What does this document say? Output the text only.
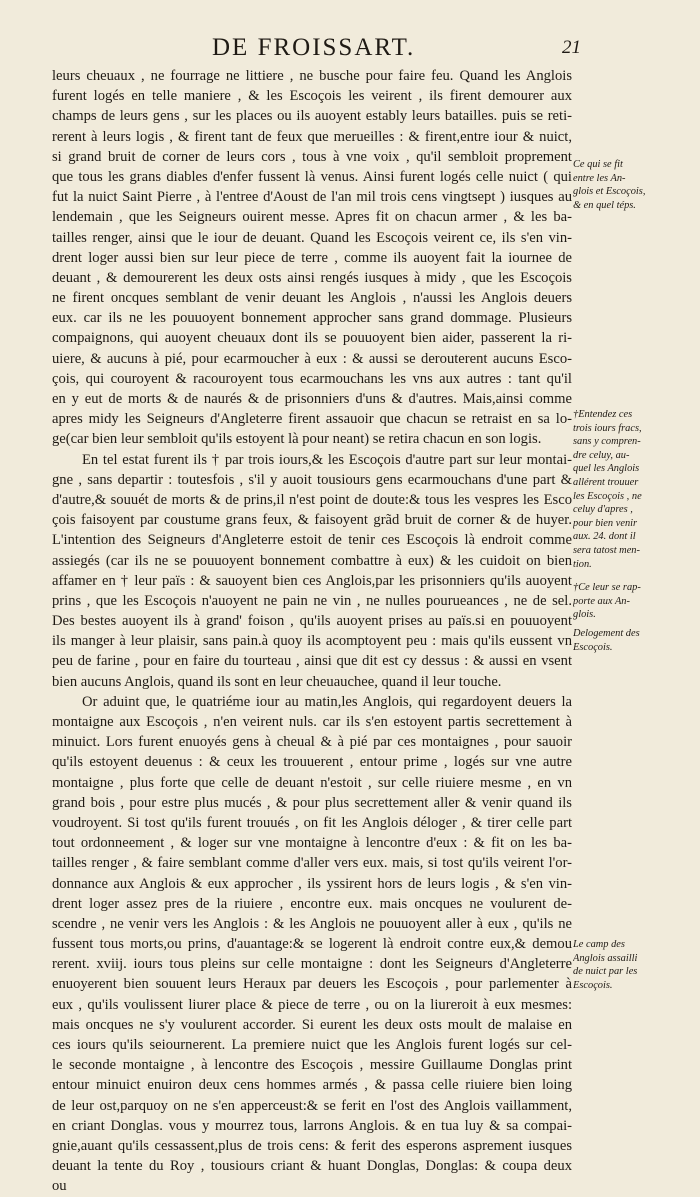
DE FROISSART.	21
leurs cheuaux , ne fourrage ne littiere , ne busche pour faire feu. Quand les Anglois
furent logés en telle maniere , & les Escoçois les veirent , ils firent demourer aux
champs de leurs gens , sur les places ou ils auoyent estably leurs batailles. puis se reti-
rerent à leurs logis , & firent tant de feux que merueilles : & firent,entre iour & nuict,
si grand bruit de corner de leurs cors , tous à vne voix , qu'il sembloit proprement
que tous les grans diables d'enfer fussent là venus. Ainsi furent logés celle nuict ( qui
fut la nuict Saint Pierre , à l'entree d'Aoust de l'an mil trois cens vingtsept ) iusques au
lendemain , que les Seigneurs ouirent messe. Apres fit on chacun armer , & les ba-
tailles renger, ainsi que le iour de deuant. Quand les Escoçois veirent ce, ils s'en vin-
drent loger aussi bien sur leur piece de terre , comme ils auoyent fait la iournee de
deuant , & demourerent les deux osts ainsi rengés iusques à midy , que les Escoçois
ne firent oncques semblant de venir deuant les Anglois , n'aussi les Anglois deuers
eux. car ils ne les pouuoyent bonnement approcher sans grand dommage. Plusieurs
compaignons, qui auoyent cheuaux dont ils se pouuoyent bien aider, passerent la ri-
uiere, & aucuns à pié, pour ecarmoucher à eux : & aussi se derouterent aucuns Esco-
çois, qui couroyent & racouroyent tous ecarmouchans les vns aux autres : tant qu'il
en y eut de morts & de naurés & de prisonniers d'uns & d'autres. Mais,ainsi comme
apres midy les Seigneurs d'Angleterre firent assauoir que chacun se retraist en sa lo-
ge(car bien leur sembloit qu'ils estoyent là pour neant) se retira chacun en son logis.
En tel estat furent ils † par trois iours,& les Escoçois d'autre part sur leur montai-
gne , sans departir : toutesfois , s'il y auoit tousiours gens ecarmouchans d'une part &
d'autre,& souuét de morts & de prins,il n'est point de doute:& tous les vespres les Esco
çois faisoyent par coustume grans feux, & faisoyent grãd bruit de corner & de huyer.
L'intention des Seigneurs d'Angleterre estoit de tenir ces Escoçois là endroit comme
assiegés (car ils ne se pouuoyent bonnement combattre à eux) & les cuidoit on bien
affamer en † leur païs : & sauoyent bien ces Anglois,par les prisonniers qu'ils auoyent
prins , que les Escoçois n'auoyent ne pain ne vin , ne nulles pourueances , ne de sel.
Des bestes auoyent ils à grand' foison , qu'ils auoyent prises au païs.si en pouuoyent
ils manger à leur plaisir, sans pain.à quoy ils acomptoyent peu : mais qu'ils eussent vn
peu de farine , pour en faire du tourteau , ainsi que dit est cy dessus : & aussi en vsent
bien aucuns Anglois, quand ils sont en leur cheuauchee, quand il leur touche.
Or aduint que, le quatriéme iour au matin,les Anglois, qui regardoyent deuers la
montaigne aux Escoçois , n'en veirent nuls. car ils s'en estoyent partis secrettement à
minuict. Lors furent enuoyés gens à cheual & à pié par ces montaignes , pour sauoir
qu'ils estoyent deuenus : & ceux les trouuerent , entour prime , logés sur vne autre
montaigne , plus forte que celle de deuant n'estoit , sur celle riuiere mesme , en vn
grand bois , pour estre plus mucés , & pour plus secrettement aller & venir quand ils
voudroyent. Si tost qu'ils furent trouués , on fit les Anglois déloger , & tirer celle part
tout ordonneement , & loger sur vne montaigne à lencontre d'eux : & fit on les ba-
tailles renger , & faire semblant comme d'aller vers eux. mais, si tost qu'ils veirent l'or-
donnance aux Anglois & eux approcher , ils yssirent hors de leurs logis , & s'en vin-
drent loger assez pres de la riuiere , encontre eux. mais oncques ne voulurent de-
scendre , ne venir vers les Anglois : & les Anglois ne pouuoyent aller à eux , qu'ils ne
fussent tous morts,ou prins, d'auantage:& se logerent là endroit contre eux,& demou
rerent. xviij. iours tous pleins sur celle montaigne : dont les Seigneurs d'Angleterre
enuoyerent bien souuent leurs Heraux par deuers les Escoçois , pour parlementer à
eux , qu'ils voulissent liurer place & piece de terre , ou on la liureroit à eux mesmes:
mais oncques ne s'y voulurent accorder. Si eurent les deux osts moult de malaise en
ces iours qu'ils seiournerent. La premiere nuict que les Anglois furent logés sur cel-
le seconde montaigne , à lencontre des Escoçois , messire Guillaume Donglas print
entour minuict enuiron deux cens hommes armés , & passa celle riuiere bien loing
de leur ost,parquoy on ne s'en apperceust:& se ferit en l'ost des Anglois vaillamment,
en criant Donglas. vous y mourrez tous, larrons Anglois. & en tua luy & sa compai-
gnie,auant qu'ils cessassent,plus de trois cens: & ferit des esperons asprement iusques
deuant la tente du Roy , tousiours criant & huant Donglas, Donglas: & coupa deux
ou
Ce qui se fit
entre les An-
glois et Escoçois,
& en quel téps.
†Entendez ces
trois iours fracs,
sans y compren-
dre celuy, au-
quel les Anglois
allérent trouuer
les Escoçois , ne
celuy d'apres ,
pour bien venir
aux. 24. dont il
sera tatost men-
tion.
†Ce leur se rap-
porte aux An-
glois.
Delogement des
Escoçois.
Le camp des
Anglois assailli
de nuict par les
Escoçois.
